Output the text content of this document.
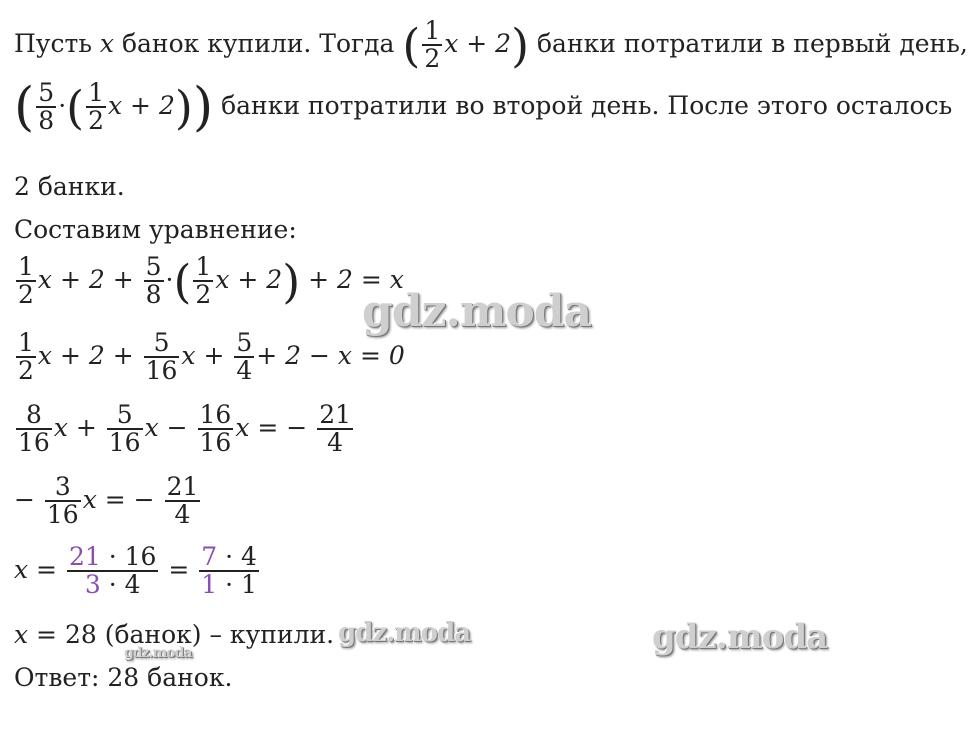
Пусть x банок купили. Тогда ( $\frac{1}{2}$ x + 2) банки потратили в первый день,
( $\frac{5}{8}$ ·( $\frac{1}{2}$ x + 2)) банки потратили во второй день. После этого осталось
2 банки.
Составим уравнение:
$\frac{1}{2}$ $x + 2 + \frac{5}{8}$ ·( $\frac{1}{2}$ x + 2) + 2 = x
$\frac{1}{2}$ $x + 2 + \frac{5}{16}$ $x + \frac{5}{4} + 2 - x = 0$
$\frac{8}{16}$ $x + \frac{5}{16}$ $x - \frac{16}{16}$ x = − $\frac{21}{4}$
− $\frac{3}{16}$ x = − $\frac{21}{4}$
$x = \frac{21 \cdot 16}{3 \cdot 4} = \frac{7 \cdot 4}{1 \cdot 1}$
x = 28 (банок) – купили.
Ответ: 28 банок.
gdz.moda
gdz.moda
gdz.moda	gdz.moda
